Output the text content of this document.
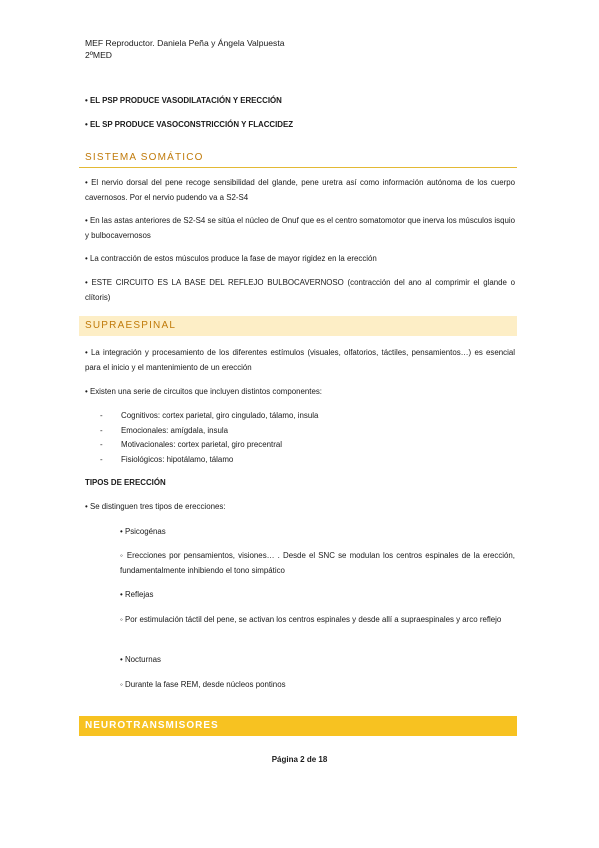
MEF Reproductor. Daniela Peña y Ángela Valpuesta
2ºMED
• EL PSP PRODUCE VASODILATACIÓN Y ERECCIÓN
• EL SP PRODUCE VASOCONSTRICCIÓN Y FLACCIDEZ
SISTEMA SOMÁTICO
• El nervio dorsal del pene recoge sensibilidad del glande, pene uretra así como información autónoma de los cuerpo cavernosos. Por el nervio pudendo va a S2-S4
• En las astas anteriores de S2-S4 se sitúa el núcleo de Onuf que es el centro somatomotor que inerva los músculos isquio y bulbocavernosos
• La contracción de estos músculos produce la fase de mayor rigidez en la erección
• ESTE CIRCUITO ES LA BASE DEL REFLEJO BULBOCAVERNOSO (contracción del ano al comprimir el glande o clítoris)
SUPRAESPINAL
• La integración y procesamiento de los diferentes estímulos (visuales, olfatorios, táctiles, pensamientos…) es esencial para el inicio y el mantenimiento de un erección
• Existen una serie de circuitos que incluyen distintos componentes:
- Cognitivos: cortex parietal, giro cingulado, tálamo, insula
- Emocionales: amígdala, insula
- Motivacionales: cortex parietal, giro precentral
- Fisiológicos: hipotálamo, tálamo
TIPOS DE ERECCIÓN
• Se distinguen tres tipos de erecciones:
• Psicogénas
◦ Erecciones por pensamientos, visiones… . Desde el SNC se modulan los centros espinales de la erección, fundamentalmente inhibiendo el tono simpático
• Reflejas
◦ Por estimulación táctil del pene, se activan los centros espinales y desde allí a supraespinales y arco reflejo
• Nocturnas
◦ Durante la fase REM, desde núcleos pontinos
NEUROTRANSMISORES
Página 2 de 18
